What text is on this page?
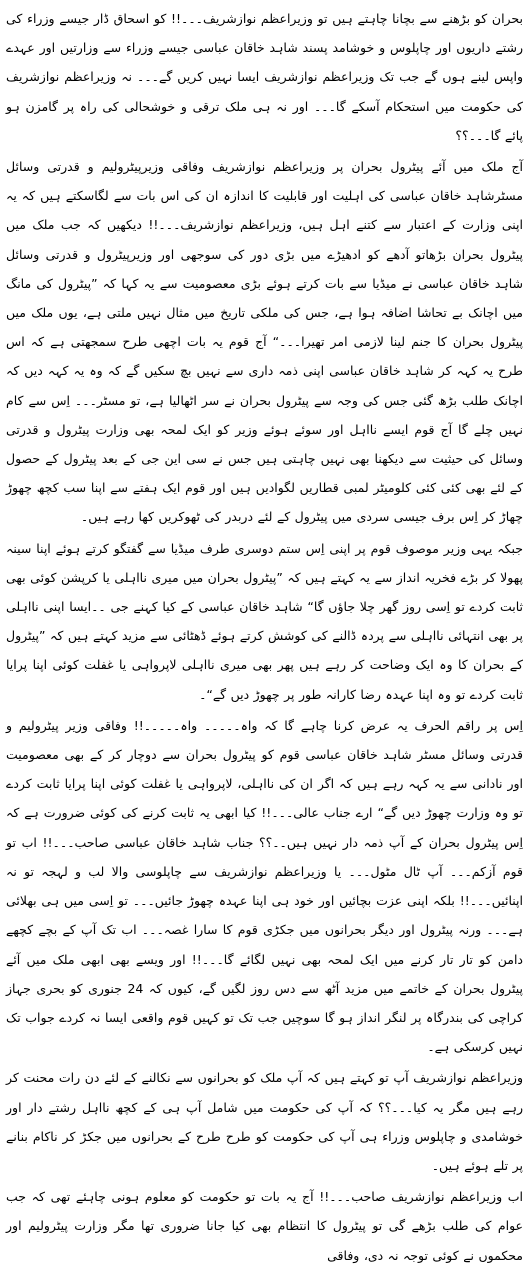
بحران کو بڑھنے سے بچانا چاہتے ہیں تو وزیراعظم نوازشریف۔۔۔!! کو اسحاق ڈار جیسے وزراء کی رشتے داریوں اور چاپلوس و خوشامد پسند شاہد خاقان عباسی جیسے وزراء سے وزارتیں اور عہدے واپس لینے ہوں گے جب تک وزیراعظم نوازشریف ایسا نہیں کریں گے۔۔۔ نہ وزیراعظم نوازشریف کی حکومت میں استحکام آسکے گا۔۔۔ اور نہ ہی ملک ترقی و خوشحالی کی راہ پر گامزن ہو پائے گا۔۔۔؟؟

آج ملک میں آئے پیٹرول بحران پر وزیراعظم نوازشریف وفاقی وزیرپیٹرولیم و قدرتی وسائل مسٹرشاہد خاقان عباسی کی اہلیت اور قابلیت کا اندازہ ان کی اس بات سے لگاسکتے ہیں کہ یہ اپنی وزارت کے اعتبار سے کتنے اہل ہیں، وزیراعظم نوازشریف۔۔۔!! دیکھیں کہ جب ملک میں پیٹرول بحران بڑھاتو آدھے کو ادھیڑے میں بڑی دور کی سوجھی اور وزیرپیٹرول و قدرتی وسائل شاہد خاقان عباسی نے میڈیا سے بات کرتے ہوئے بڑی معصومیت سے یہ کہا کہ ”پیٹرول کی مانگ میں اچانک بے تحاشا اضافہ ہوا ہے، جس کی ملکی تاریخ میں مثال نہیں ملتی ہے، یوں ملک میں پیٹرول بحران کا جنم لینا لازمی امر تھیرا۔۔۔“ آج قوم یہ بات اچھی طرح سمجھتی ہے کہ اس طرح یہ کہہ کر شاہد خاقان عباسی اپنی ذمہ داری سے نہیں بچ سکیں گے کہ وہ یہ کہہ دیں کہ اچانک طلب بڑھ گئی جس کی وجہ سے پیٹرول بحران نے سر اٹھالیا ہے، تو مسٹر۔۔۔ اِس سے کام نہیں چلے گا آج قوم ایسے نااہل اور سوئے ہوئے وزیر کو ایک لمحہ بھی وزارت پیٹرول و قدرتی وسائل کی حیثیت سے دیکھنا بھی نہیں چاہتی ہیں جس نے سی این جی کے بعد پیٹرول کے حصول کے لئے بھی کئی کئی کلومیٹر لمبی قطاریں لگوادیں ہیں اور قوم ایک ہفتے سے اپنا سب کچھ چھوڑ چھاڑ کر اِس برف جیسی سردی میں پیٹرول کے لئے دربدر کی ٹھوکریں کھا رہے ہیں۔

جبکہ یہی وزیر موصوف قوم پر اپنی اِس ستم دوسری طرف میڈیا سے گفتگو کرتے ہوئے اپنا سینہ پھولا کر بڑے فخریہ انداز سے یہ کہتے ہیں کہ ”پیٹرول بحران میں میری نااہلی یا کرپشن کوئی بھی ثابت کردے تو اِسی روز گھر چلا جاؤں گا“ شاہد خاقان عباسی کے کیا کہنے جی ۔۔ایسا اپنی نااہلی پر بھی انتہائی نااہلی سے پردہ ڈالنے کی کوشش کرتے ہوئے ڈھٹائی سے مزید کہتے ہیں کہ ”پیٹرول کے بحران کا وہ ایک وضاحت کر رہے ہیں پھر بھی میری نااہلی لاپرواہی یا غفلت کوئی اپنا پرایا ثابت کردے تو وہ اپنا عہدہ رضا کارانہ طور پر چھوڑ دیں گے“۔

اِس پر راقم الحرف یہ عرض کرنا چاہے گا کہ واہ۔۔۔۔۔ واہ۔۔۔۔۔!! وفاقی وزیر پیٹرولیم و قدرتی وسائل مسٹر شاہد خاقان عباسی قوم کو پیٹرول بحران سے دوچار کر کے بھی معصومیت اور نادانی سے یہ کہہ رہے ہیں کہ اگر ان کی نااہلی، لاپرواہی یا غفلت کوئی اپنا پرایا ثابت کردے تو وہ وزارت چھوڑ دیں گے“ ارے جناب عالی۔۔۔!! کیا ابھی یہ ثابت کرنے کی کوئی ضرورت ہے کہ اِس پیٹرول بحران کے آپ ذمہ دار نہیں ہیں۔۔؟؟ جناب شاہد خاقان عباسی صاحب۔۔۔!! اب تو قوم آزکم۔۔۔ آپ ٹال مٹول۔۔۔ یا وزیراعظم نوازشریف سے چاپلوسی والا لب و لہجہ تو نہ اپنائیں۔۔۔!! بلکہ اپنی عزت بچائیں اور خود ہی اپنا عہدہ چھوڑ جائیں۔۔۔ تو اِسی میں ہی بھلائی ہے۔۔۔ ورنہ پیٹرول اور دیگر بحرانوں میں جکڑی قوم کا سارا غصہ۔۔۔ اب تک آپ کے بچے کچھے دامن کو تار تار کرنے میں ایک لمحہ بھی نہیں لگائے گا۔۔۔!! اور ویسے بھی ابھی ملک میں آئے پیٹرول بحران کے خاتمے میں مزید آٹھ سے دس روز لگیں گے، کیوں کہ 24 جنوری کو بحری جہاز کراچی کی بندرگاہ پر لنگر انداز ہو گا سوچیں جب تک تو کہیں قوم واقعی ایسا نہ کردے جواب تک نہیں کرسکی ہے۔

وزیراعظم نوازشریف آپ تو کہتے ہیں کہ آپ ملک کو بحرانوں سے نکالنے کے لئے دن رات محنت کر رہے ہیں مگر یہ کیا۔۔۔؟؟ کہ آپ کی حکومت میں شامل آپ ہی کے کچھ نااہل رشتے دار اور خوشامدی و چاپلوس وزراء ہی آپ کی حکومت کو طرح طرح کے بحرانوں میں جکڑ کر ناکام بنانے پر تلے ہوئے ہیں۔

اب وزیراعظم نوازشریف صاحب۔۔۔!! آج یہ بات تو حکومت کو معلوم ہونی چاہئے تھی کہ جب عوام کی طلب بڑھے گی تو پیٹرول کا انتظام بھی کیا جانا ضروری تھا مگر وزارت پیٹرولیم اور محکموں نے کوئی توجہ نہ دی، وفاقی
